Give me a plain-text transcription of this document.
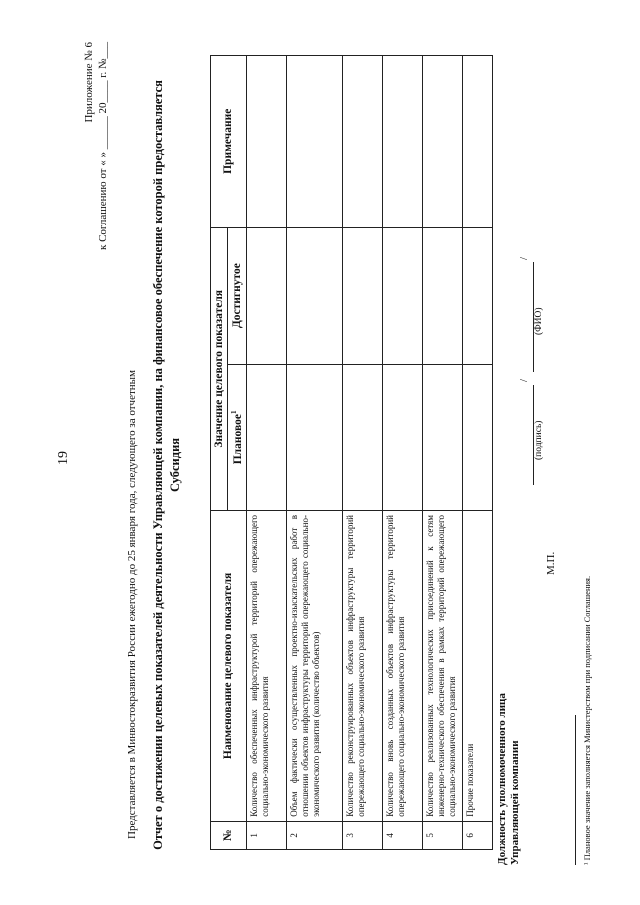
19
Приложение № 6 к Соглашению от « » ______ 20____ г. №___
Представляется в Минвостокразвития России ежегодно до 25 января года, следующего за отчетным Отчет о достижении целевых показателей деятельности Управляющей компании, на финансовое обеспечение которой предоставляется Субсидия
№	Наименование целевого показателя	Значение целевого показателя		Примечание
		Плановое$^1$	Достигнутое	
1	Количество обеспеченных инфраструктурой территорий опережающего социально-экономического развития			
2	Объем фактически осуществленных проектно-изыскательских работ в отношении объектов инфраструктуры территорий опережающего социально-экономического развития (количество объектов)			
3	Количество реконструированных объектов инфраструктуры территорий опережающего социально-экономического развития			
4	Количество вновь созданных объектов инфраструктуры территорий опережающего социально-экономического развития			
5	Количество реализованных технологических присоединений к сетям инженерно-технического обеспечения в рамках территорий опережающего социально-экономического развития			
6	Прочие показатели			Должность уполномоченного лица Управляющей компании
/
/
(подпись)
(ФИО)
М.П.
¹ Плановое значение заполняется Министерством при подписании Соглашения.
